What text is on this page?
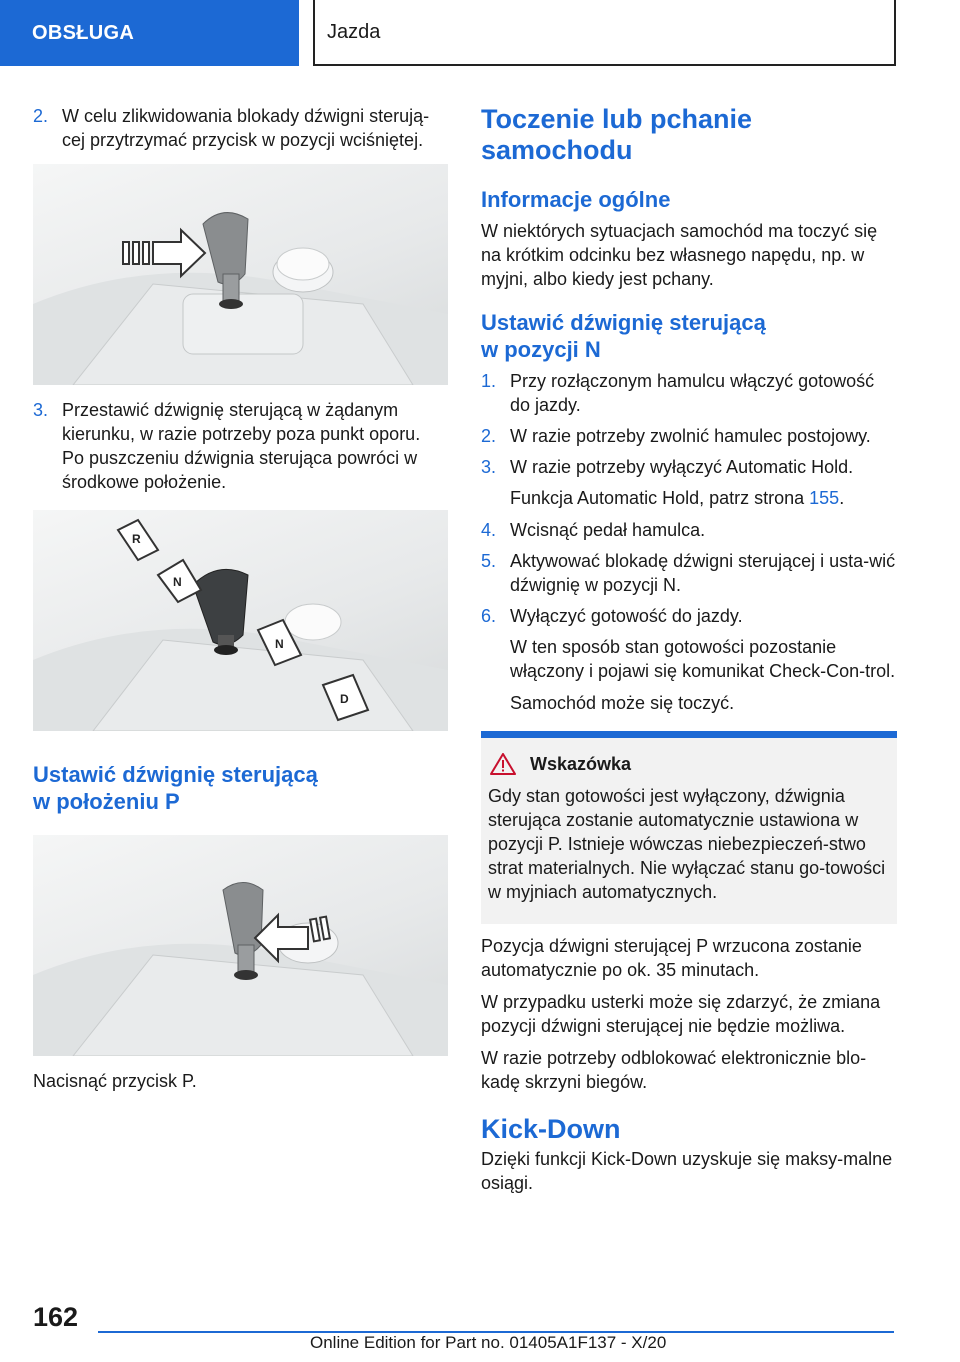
OBSŁUGA	Jazda
2. W celu zlikwidowania blokady dźwigni sterują-cej przytrzymać przycisk w pozycji wciśniętej.
3. Przestawić dźwignię sterującą w żądanym kierunku, w razie potrzeby poza punkt oporu. Po puszczeniu dźwignia sterująca powróci w środkowe położenie.
R
N
N
D
Ustawić dźwignię sterującą
w położeniu P
Nacisnąć przycisk P.
Toczenie lub pchanie
samochodu
Informacje ogólne
W niektórych sytuacjach samochód ma toczyć się na krótkim odcinku bez własnego napędu, np. w myjni, albo kiedy jest pchany.
Ustawić dźwignię sterującą
w pozycji N
1. Przy rozłączonym hamulcu włączyć gotowość do jazdy.
2. W razie potrzeby zwolnić hamulec postojowy.
3. W razie potrzeby wyłączyć Automatic Hold.
Funkcja Automatic Hold, patrz strona 155.
4. Wcisnąć pedał hamulca.
5. Aktywować blokadę dźwigni sterującej i usta-wić dźwignię w pozycji N.
6. Wyłączyć gotowość do jazdy.
W ten sposób stan gotowości pozostanie włączony i pojawi się komunikat Check-Con-trol.
Samochód może się toczyć.
Wskazówka
Gdy stan gotowości jest wyłączony, dźwignia sterująca zostanie automatycznie ustawiona w pozycji P. Istnieje wówczas niebezpieczeń-stwo strat materialnych. Nie wyłączać stanu go-towości w myjniach automatycznych.
Pozycja dźwigni sterującej P wrzucona zostanie automatycznie po ok. 35 minutach.
W przypadku usterki może się zdarzyć, że zmiana pozycji dźwigni sterującej nie będzie możliwa.
W razie potrzeby odblokować elektronicznie blo-kadę skrzyni biegów.
Kick-Down
Dzięki funkcji Kick-Down uzyskuje się maksy-malne osiągi.
162
Online Edition for Part no. 01405A1F137 - X/20
